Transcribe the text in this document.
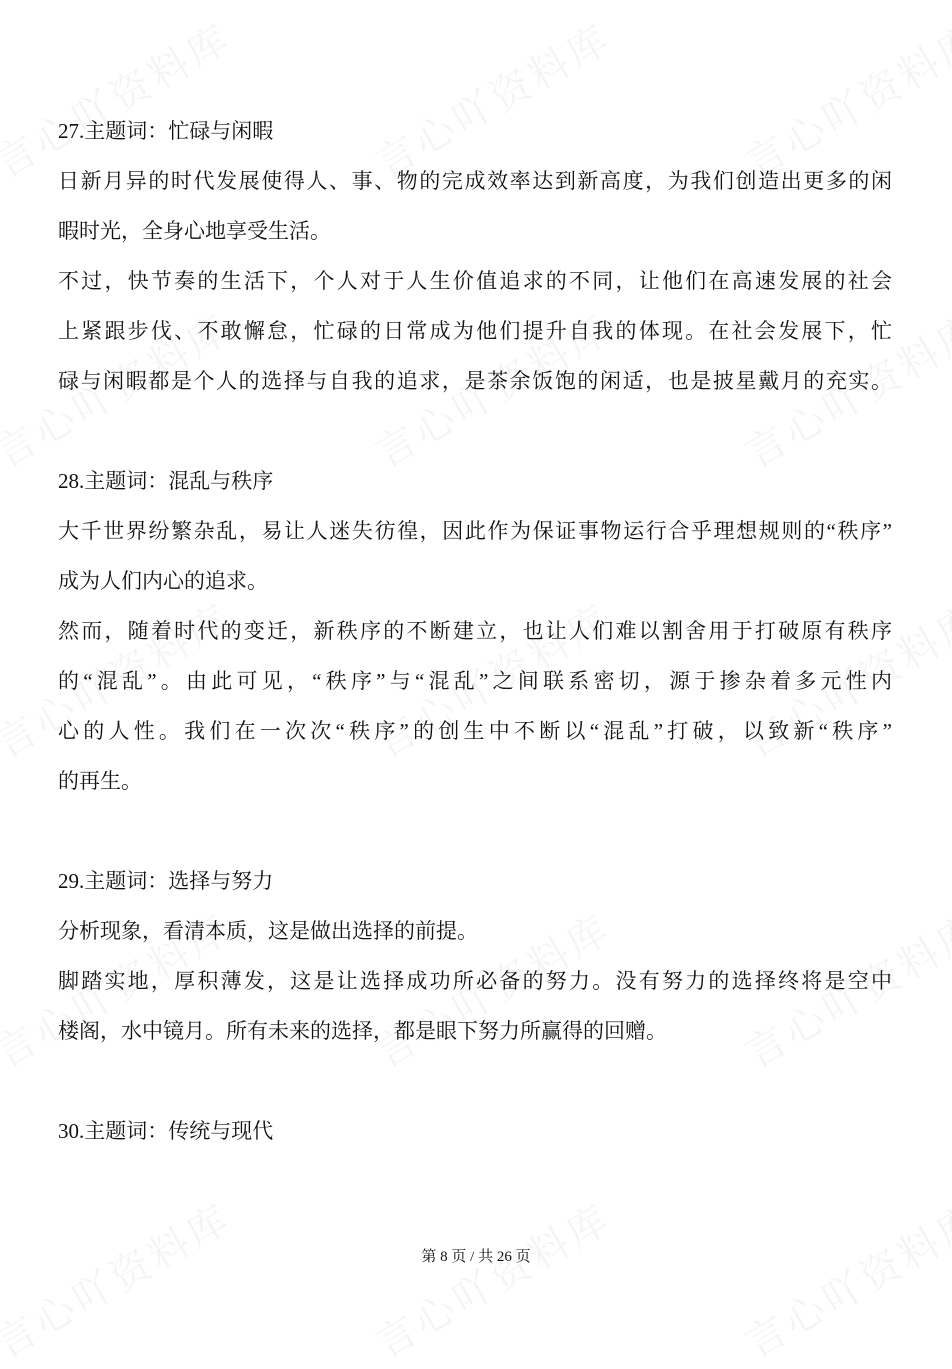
27.主题词：忙碌与闲暇
日新月异的时代发展使得人、事、物的完成效率达到新高度，为我们创造出更多的闲
暇时光，全身心地享受生活。
不过，快节奏的生活下，个人对于人生价值追求的不同，让他们在高速发展的社会
上紧跟步伐、不敢懈怠，忙碌的日常成为他们提升自我的体现。在社会发展下，忙
碌与闲暇都是个人的选择与自我的追求，是茶余饭饱的闲适，也是披星戴月的充实。
28.主题词：混乱与秩序
大千世界纷繁杂乱，易让人迷失彷徨，因此作为保证事物运行合乎理想规则的“秩序”
成为人们内心的追求。
然而，随着时代的变迁，新秩序的不断建立，也让人们难以割舍用于打破原有秩序
的“混乱”。由此可见，“秩序”与“混乱”之间联系密切，源于掺杂着多元性内
心的人性。我们在一次次“秩序”的创生中不断以“混乱”打破，以致新“秩序”
的再生。
29.主题词：选择与努力
分析现象，看清本质，这是做出选择的前提。
脚踏实地，厚积薄发，这是让选择成功所必备的努力。没有努力的选择终将是空中
楼阁，水中镜月。所有未来的选择，都是眼下努力所赢得的回赠。
30.主题词：传统与现代
第 8 页 / 共 26 页
